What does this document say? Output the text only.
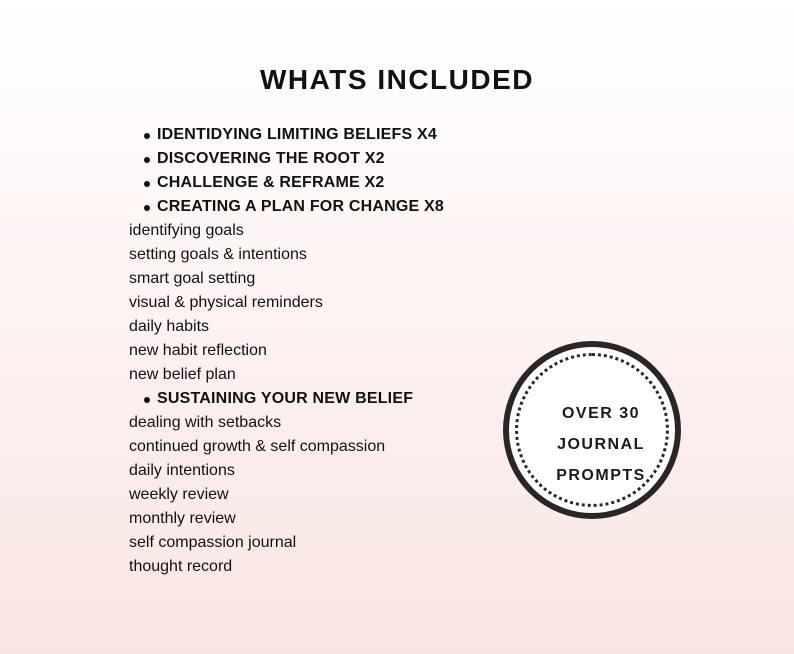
WHATS INCLUDED
IDENTIDYING LIMITING BELIEFS X4
DISCOVERING THE ROOT X2
CHALLENGE & REFRAME X2
CREATING A PLAN FOR CHANGE X8
identifying goals
setting goals & intentions
smart goal setting
visual & physical reminders
daily habits
new habit reflection
new belief plan
SUSTAINING YOUR NEW BELIEF
dealing with setbacks
continued growth & self compassion
daily intentions
weekly review
monthly review
self compassion journal
thought record
OVER 30
JOURNAL
PROMPTS
